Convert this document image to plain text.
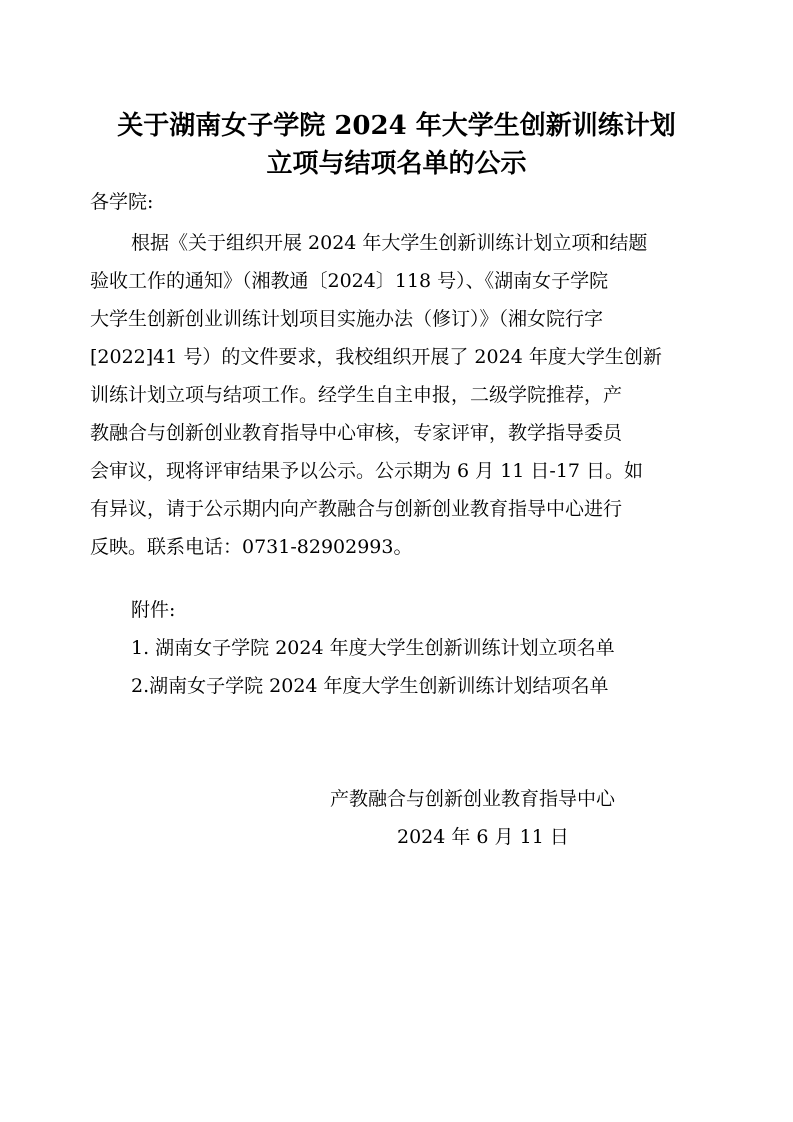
关于湖南女子学院 2024 年大学生创新训练计划
立项与结项名单的公示
各学院:
根据《关于组织开展 2024 年大学生创新训练计划立项和结题
验收工作的通知》（湘教通〔2024〕118 号）、《湖南女子学院
大学生创新创业训练计划项目实施办法（修订）》（湘女院行字
[2022]41 号）的文件要求，我校组织开展了 2024 年度大学生创新
训练计划立项与结项工作。经学生自主申报，二级学院推荐，产
教融合与创新创业教育指导中心审核，专家评审，教学指导委员
会审议，现将评审结果予以公示。公示期为 6 月 11 日-17 日。如
有异议，请于公示期内向产教融合与创新创业教育指导中心进行
反映。联系电话：0731-82902993。
附件:
1. 湖南女子学院 2024 年度大学生创新训练计划立项名单
2.湖南女子学院 2024 年度大学生创新训练计划结项名单
产教融合与创新创业教育指导中心
2024 年 6 月 11 日
